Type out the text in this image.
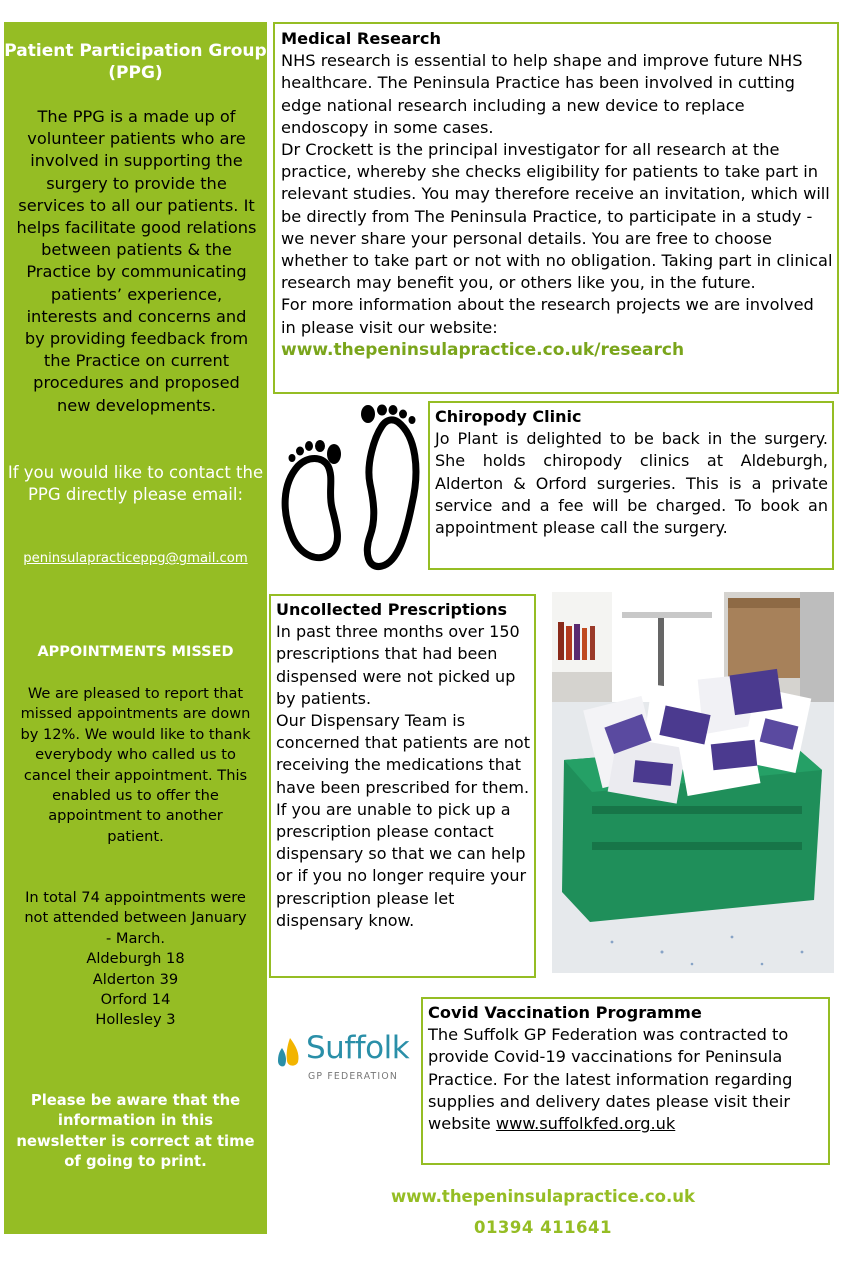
Patient Participation Group (PPG)
The PPG is a made up of volunteer patients who are involved in supporting the surgery to provide the services to all our patients. It helps facilitate good relations between patients & the Practice by communicating patients’ experience, interests and concerns and by providing feedback from the Practice on current procedures and proposed new developments.
If you would like to contact the PPG directly please email:
peninsulapracticeppg@gmail.com
APPOINTMENTS MISSED
We are pleased to report that missed appointments are down by 12%. We would like to thank everybody who called us to cancel their appointment. This enabled us to offer the appointment to another patient.
In total 74 appointments were not attended between January - March.
Aldeburgh 18
Alderton 39
Orford 14
Hollesley 3
Please be aware that the information in this newsletter is correct at time of going to print.
Medical Research
NHS research is essential to help shape and improve future NHS healthcare. The Peninsula Practice has been involved in cutting edge national research including a new device to replace endoscopy in some cases.
Dr Crockett is the principal investigator for all research at the practice, whereby she checks eligibility for patients to take part in relevant studies. You may therefore receive an invitation, which will be directly from The Peninsula Practice, to participate in a study - we never share your personal details. You are free to choose whether to take part or not with no obligation. Taking part in clinical research may benefit you, or others like you, in the future.
For more information about the research projects we are involved in please visit our website:
www.thepeninsulapractice.co.uk/research
Chiropody Clinic
Jo Plant is delighted to be back in the surgery. She holds chiropody clinics at Aldeburgh, Alderton & Orford surgeries. This is a private service and a fee will be charged. To book an appointment please call the surgery.
Uncollected Prescriptions
In past three months over 150 prescriptions that had been dispensed were not picked up by patients.
Our Dispensary Team is concerned that patients are not receiving the medications that have been prescribed for them.
If you are unable to pick up a prescription please contact dispensary so that we can help or if you no longer require your prescription please let dispensary know.
Suffolk
GP FEDERATION
Covid Vaccination Programme
The Suffolk GP Federation was contracted to provide Covid-19 vaccinations for Peninsula Practice. For the latest information regarding supplies and delivery dates please visit their website www.suffolkfed.org.uk
www.thepeninsulapractice.co.uk
01394 411641
